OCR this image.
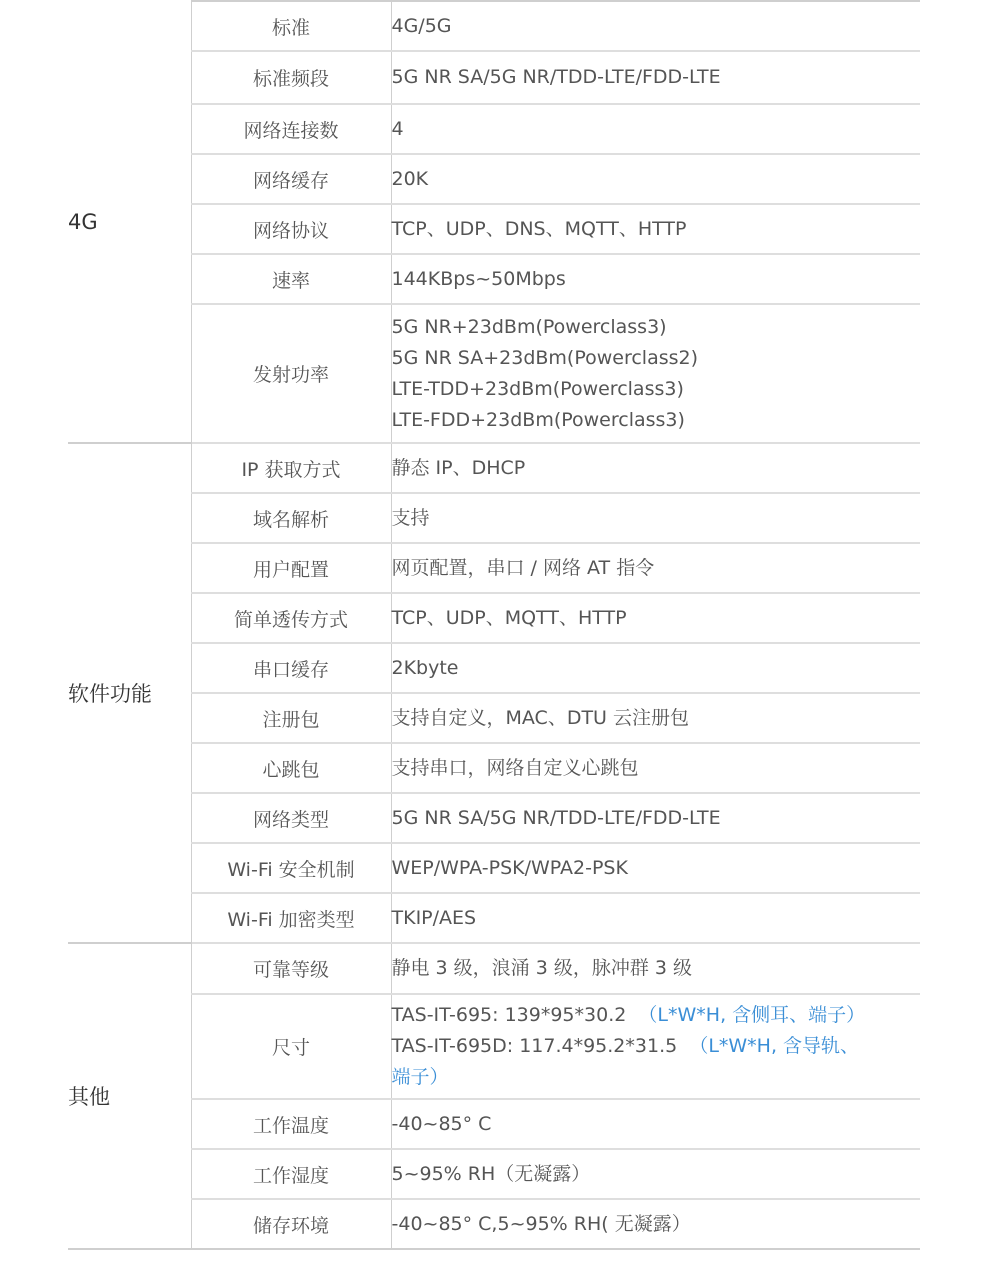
4G	标准	4G/5G
	标准频段	5G NR SA/5G NR/TDD-LTE/FDD-LTE
	网络连接数	4
	网络缓存	20K
	网络协议	TCP、UDP、DNS、MQTT、HTTP
	速率	144KBps~50Mbps
	发射功率	5G NR+23dBm(Powerclass3)
5G NR SA+23dBm(Powerclass2)
LTE-TDD+23dBm(Powerclass3)
LTE-FDD+23dBm(Powerclass3)

软件功能	IP 获取方式	静态 IP、DHCP
	域名解析	支持
	用户配置	网页配置，串口 / 网络 AT 指令
	简单透传方式	TCP、UDP、MQTT、HTTP
	串口缓存	2Kbyte
	注册包	支持自定义，MAC、DTU 云注册包
	心跳包	支持串口，网络自定义心跳包
	网络类型	5G NR SA/5G NR/TDD-LTE/FDD-LTE
	Wi-Fi 安全机制	WEP/WPA-PSK/WPA2-PSK
	Wi-Fi 加密类型	TKIP/AES
其他	可靠等级	静电 3 级，浪涌 3 级，脉冲群 3 级
	尺寸	TAS-IT-695: 139*95*30.2 （L*W*H, 含侧耳、端子）
TAS-IT-695D: 117.4*95.2*31.5 （L*W*H, 含导轨、
端子）

	工作温度	-40~85° C
	工作湿度	5~95% RH（无凝露）
	储存环境	-40~85° C,5~95% RH( 无凝露）
